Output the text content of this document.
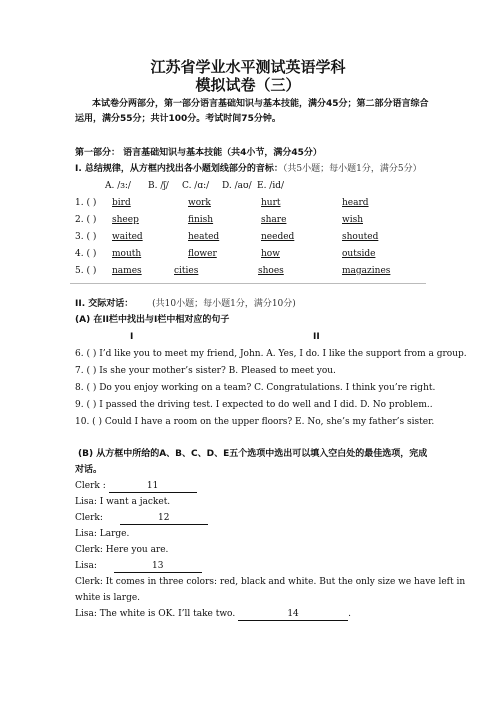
江苏省学业水平测试英语学科
模拟试卷（三）
本试卷分两部分，第一部分语言基础知识与基本技能，满分45分；第二部分语言综合
运用，满分55分；共计100分。考试时间75分钟。
第一部分： 语言基础知识与基本技能（共4小节，满分45分）
I. 总结规律，从方框内找出各小题划线部分的音标：（共5小题；每小题1分，满分5分）
A. /ɜ:/ B. /ʃ/ C. /ɑ:/ D. /aʊ/ E. /id/
1. ( ) bird	work	hurt	heard
2. ( ) sheep	finish	share	wish
3. ( ) waited	heated	needed	shouted
4. ( ) mouth	flower	how	outside
5. ( ) names	cities	shoes	magazines
II. 交际对话： (共10小题；每小题1分，满分10分)
(A) 在II栏中找出与I栏中相对应的句子
I	II
6. ( ) I’d like you to meet my friend, John. A. Yes, I do. I like the support from a group.
7. ( ) Is she your mother’s sister? B. Pleased to meet you.
8. ( ) Do you enjoy working on a team? C. Congratulations. I think you’re right.
9. ( ) I passed the driving test. I expected to do well and I did. D. No problem..
10. ( ) Could I have a room on the upper floors? E. No, she’s my father’s sister.
(B) 从方框中所给的A、B、C、D、E五个选项中选出可以填入空白处的最佳选项，完成
对话。
Clerk :	11
Lisa: I want a jacket.
Clerk:	12
Lisa: Large.
Clerk: Here you are.
Lisa:	13
Clerk: It comes in three colors: red, black and white. But the only size we have left in
white is large.
Lisa: The white is OK. I’ll take two.	14	.
